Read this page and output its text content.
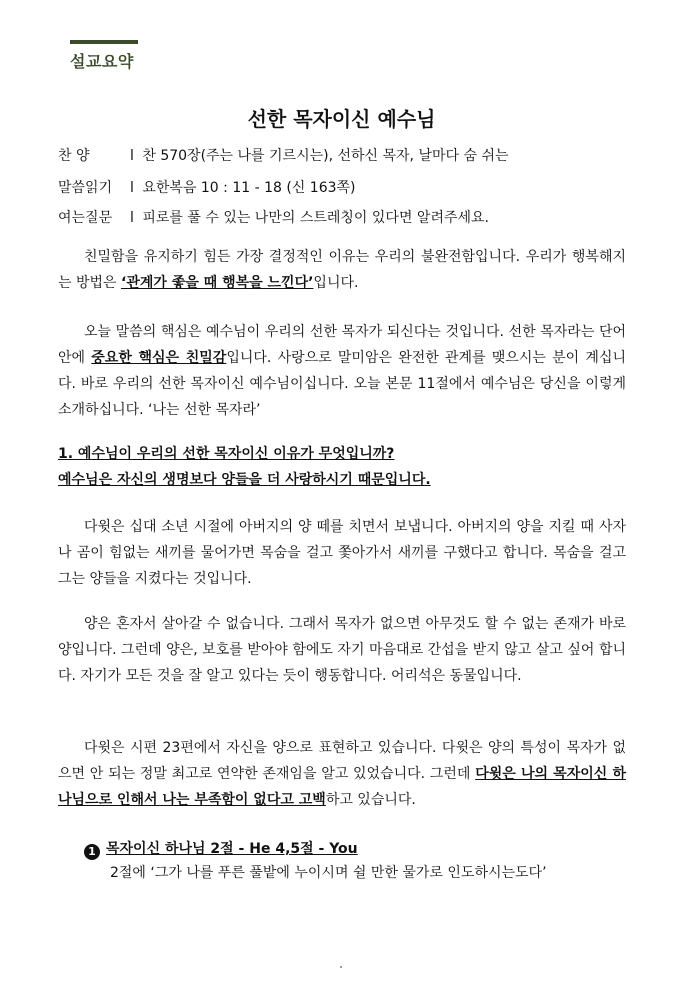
설교요약
선한 목자이신 예수님
찬 양	l 찬 570장(주는 나를 기르시는), 선하신 목자, 날마다 숨 쉬는
말씀읽기 l 요한복음 10 : 11 - 18 (신 163쪽)
여는질문 l 피로를 풀 수 있는 나만의 스트레칭이 있다면 알려주세요.

친밀함을 유지하기 힘든 가장 결정적인 이유는 우리의 불완전함입니다. 우리가 행복해지는 방법은 ‘관계가 좋을 때 행복을 느낀다’입니다.

오늘 말씀의 핵심은 예수님이 우리의 선한 목자가 되신다는 것입니다. 선한 목자라는 단어 안에 중요한 핵심은 친밀감입니다. 사랑으로 말미암은 완전한 관계를 맺으시는 분이 계십니다. 바로 우리의 선한 목자이신 예수님이십니다. 오늘 본문 11절에서 예수님은 당신을 이렇게 소개하십니다. ‘나는 선한 목자라’

1. 예수님이 우리의 선한 목자이신 이유가 무엇입니까?
예수님은 자신의 생명보다 양들을 더 사랑하시기 때문입니다.

다윗은 십대 소년 시절에 아버지의 양 떼를 치면서 보냅니다. 아버지의 양을 지킬 때 사자나 곰이 힘없는 새끼를 물어가면 목숨을 걸고 쫓아가서 새끼를 구했다고 합니다. 목숨을 걸고 그는 양들을 지켰다는 것입니다.

양은 혼자서 살아갈 수 없습니다. 그래서 목자가 없으면 아무것도 할 수 없는 존재가 바로 양입니다. 그런데 양은, 보호를 받아야 함에도 자기 마음대로 간섭을 받지 않고 살고 싶어 합니다. 자기가 모든 것을 잘 알고 있다는 듯이 행동합니다. 어리석은 동물입니다.

다윗은 시편 23편에서 자신을 양으로 표현하고 있습니다. 다윗은 양의 특성이 목자가 없으면 안 되는 정말 최고로 연약한 존재임을 알고 있었습니다. 그런데 다윗은 나의 목자이신 하나님으로 인해서 나는 부족함이 없다고 고백하고 있습니다.

1 목자이신 하나님 2절 - He 4,5절 - You
2절에 ‘그가 나를 푸른 풀밭에 누이시며 쉴 만한 물가로 인도하시는도다’
